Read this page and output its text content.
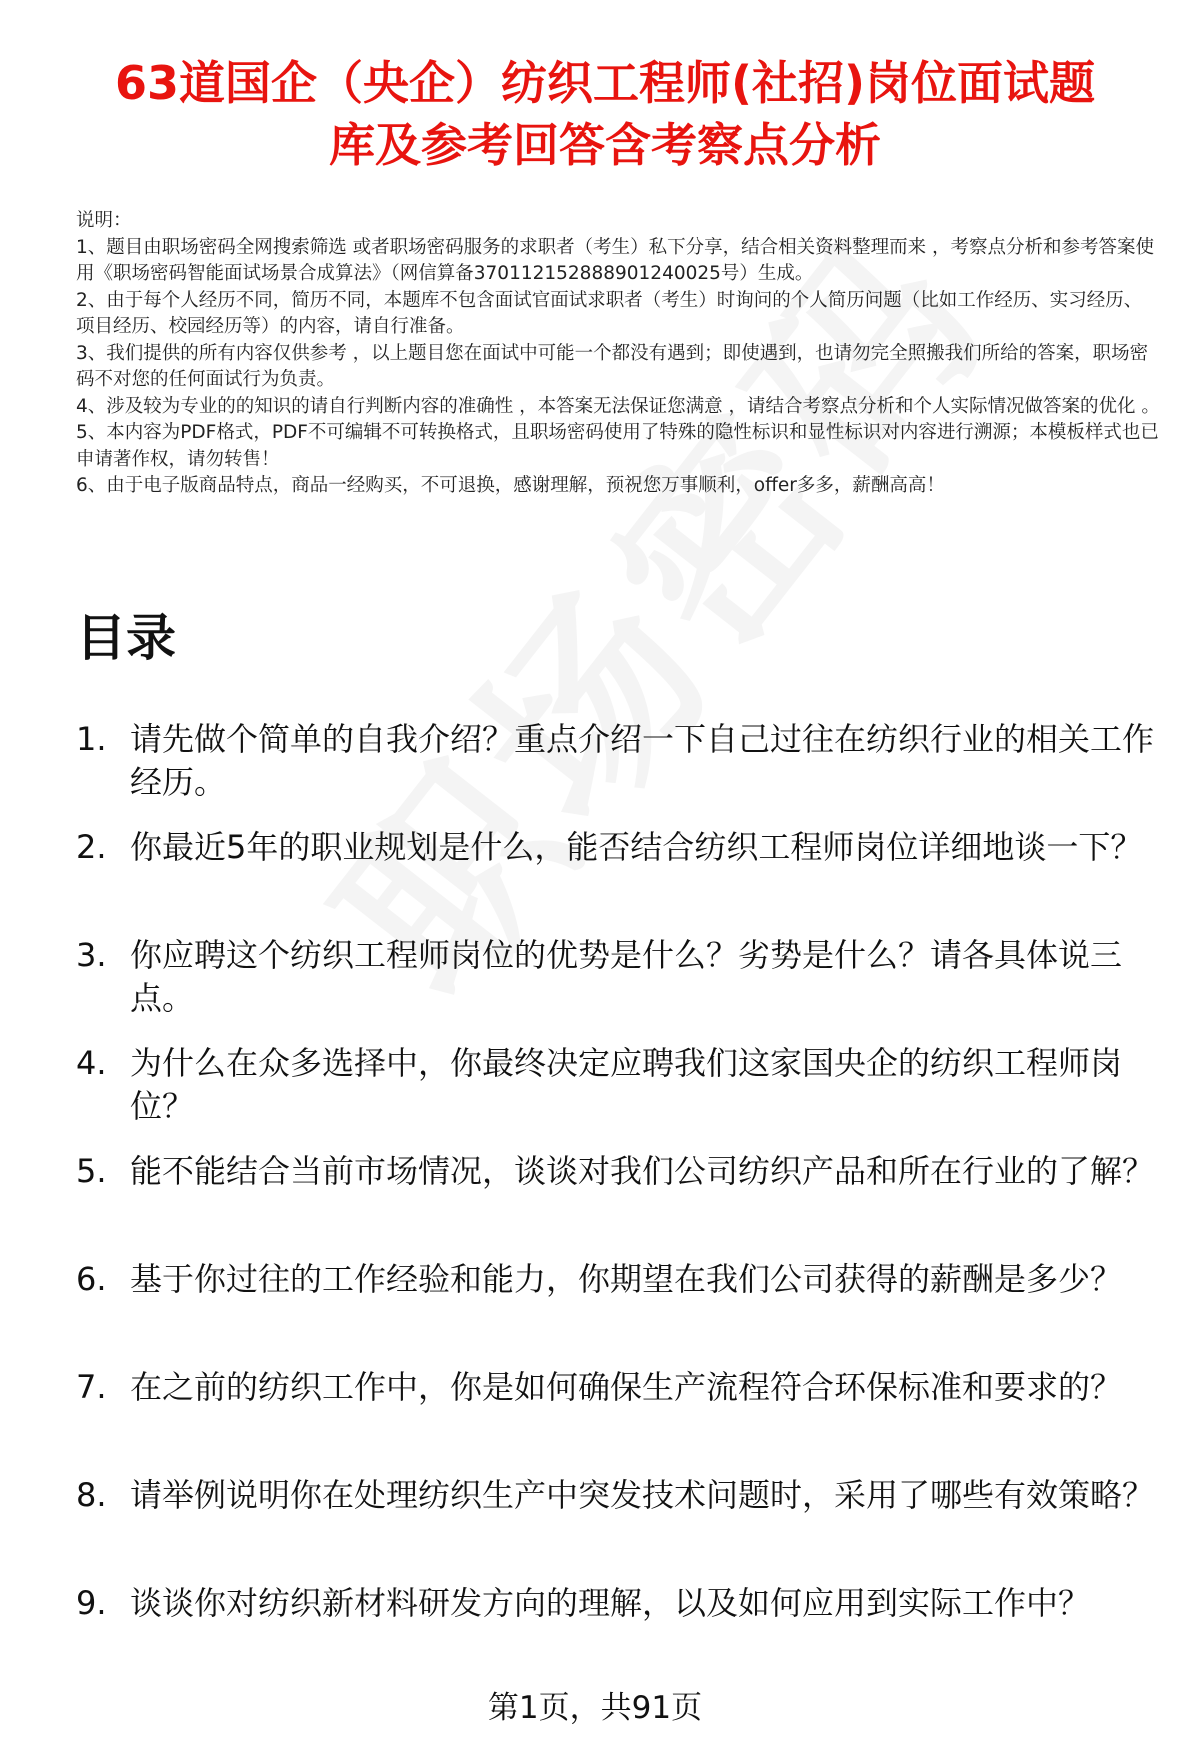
63道国企（央企）纺织工程师(社招)岗位面试题
库及参考回答含考察点分析

说明：

1、题目由职场密码全网搜索筛选 或者职场密码服务的求职者（考生）私下分享，结合相关资料整理而来 ，考察点分析和参考答案使用《职场密码智能面试场景合成算法》（网信算备370112152888901240025号）生成。

2、由于每个人经历不同，简历不同，本题库不包含面试官面试求职者（考生）时询问的个人简历问题（比如工作经历、实习经历、项目经历、校园经历等）的内容，请自行准备。

3、我们提供的所有内容仅供参考 ，以上题目您在面试中可能一个都没有遇到；即使遇到，也请勿完全照搬我们所给的答案，职场密码不对您的任何面试行为负责。

4、涉及较为专业的的知识的请自行判断内容的准确性 ，本答案无法保证您满意 ，请结合考察点分析和个人实际情况做答案的优化 。

5、本内容为PDF格式，PDF不可编辑不可转换格式，且职场密码使用了特殊的隐性标识和显性标识对内容进行溯源；本模板样式也已申请著作权，请勿转售！

6、由于电子版商品特点，商品一经购买，不可退换，感谢理解，预祝您万事顺利，offer多多，薪酬高高！

目录
1. 请先做个简单的自我介绍？重点介绍一下自己过往在纺织行业的相关工作经历。
2. 你最近5年的职业规划是什么，能否结合纺织工程师岗位详细地谈一下？
3. 你应聘这个纺织工程师岗位的优势是什么？劣势是什么？请各具体说三点。
4. 为什么在众多选择中，你最终决定应聘我们这家国央企的纺织工程师岗位？
5. 能不能结合当前市场情况，谈谈对我们公司纺织产品和所在行业的了解？
6. 基于你过往的工作经验和能力，你期望在我们公司获得的薪酬是多少？
7. 在之前的纺织工作中，你是如何确保生产流程符合环保标准和要求的？
8. 请举例说明你在处理纺织生产中突发技术问题时，采用了哪些有效策略？
9. 谈谈你对纺织新材料研发方向的理解，以及如何应用到实际工作中？
第1页，共91页
